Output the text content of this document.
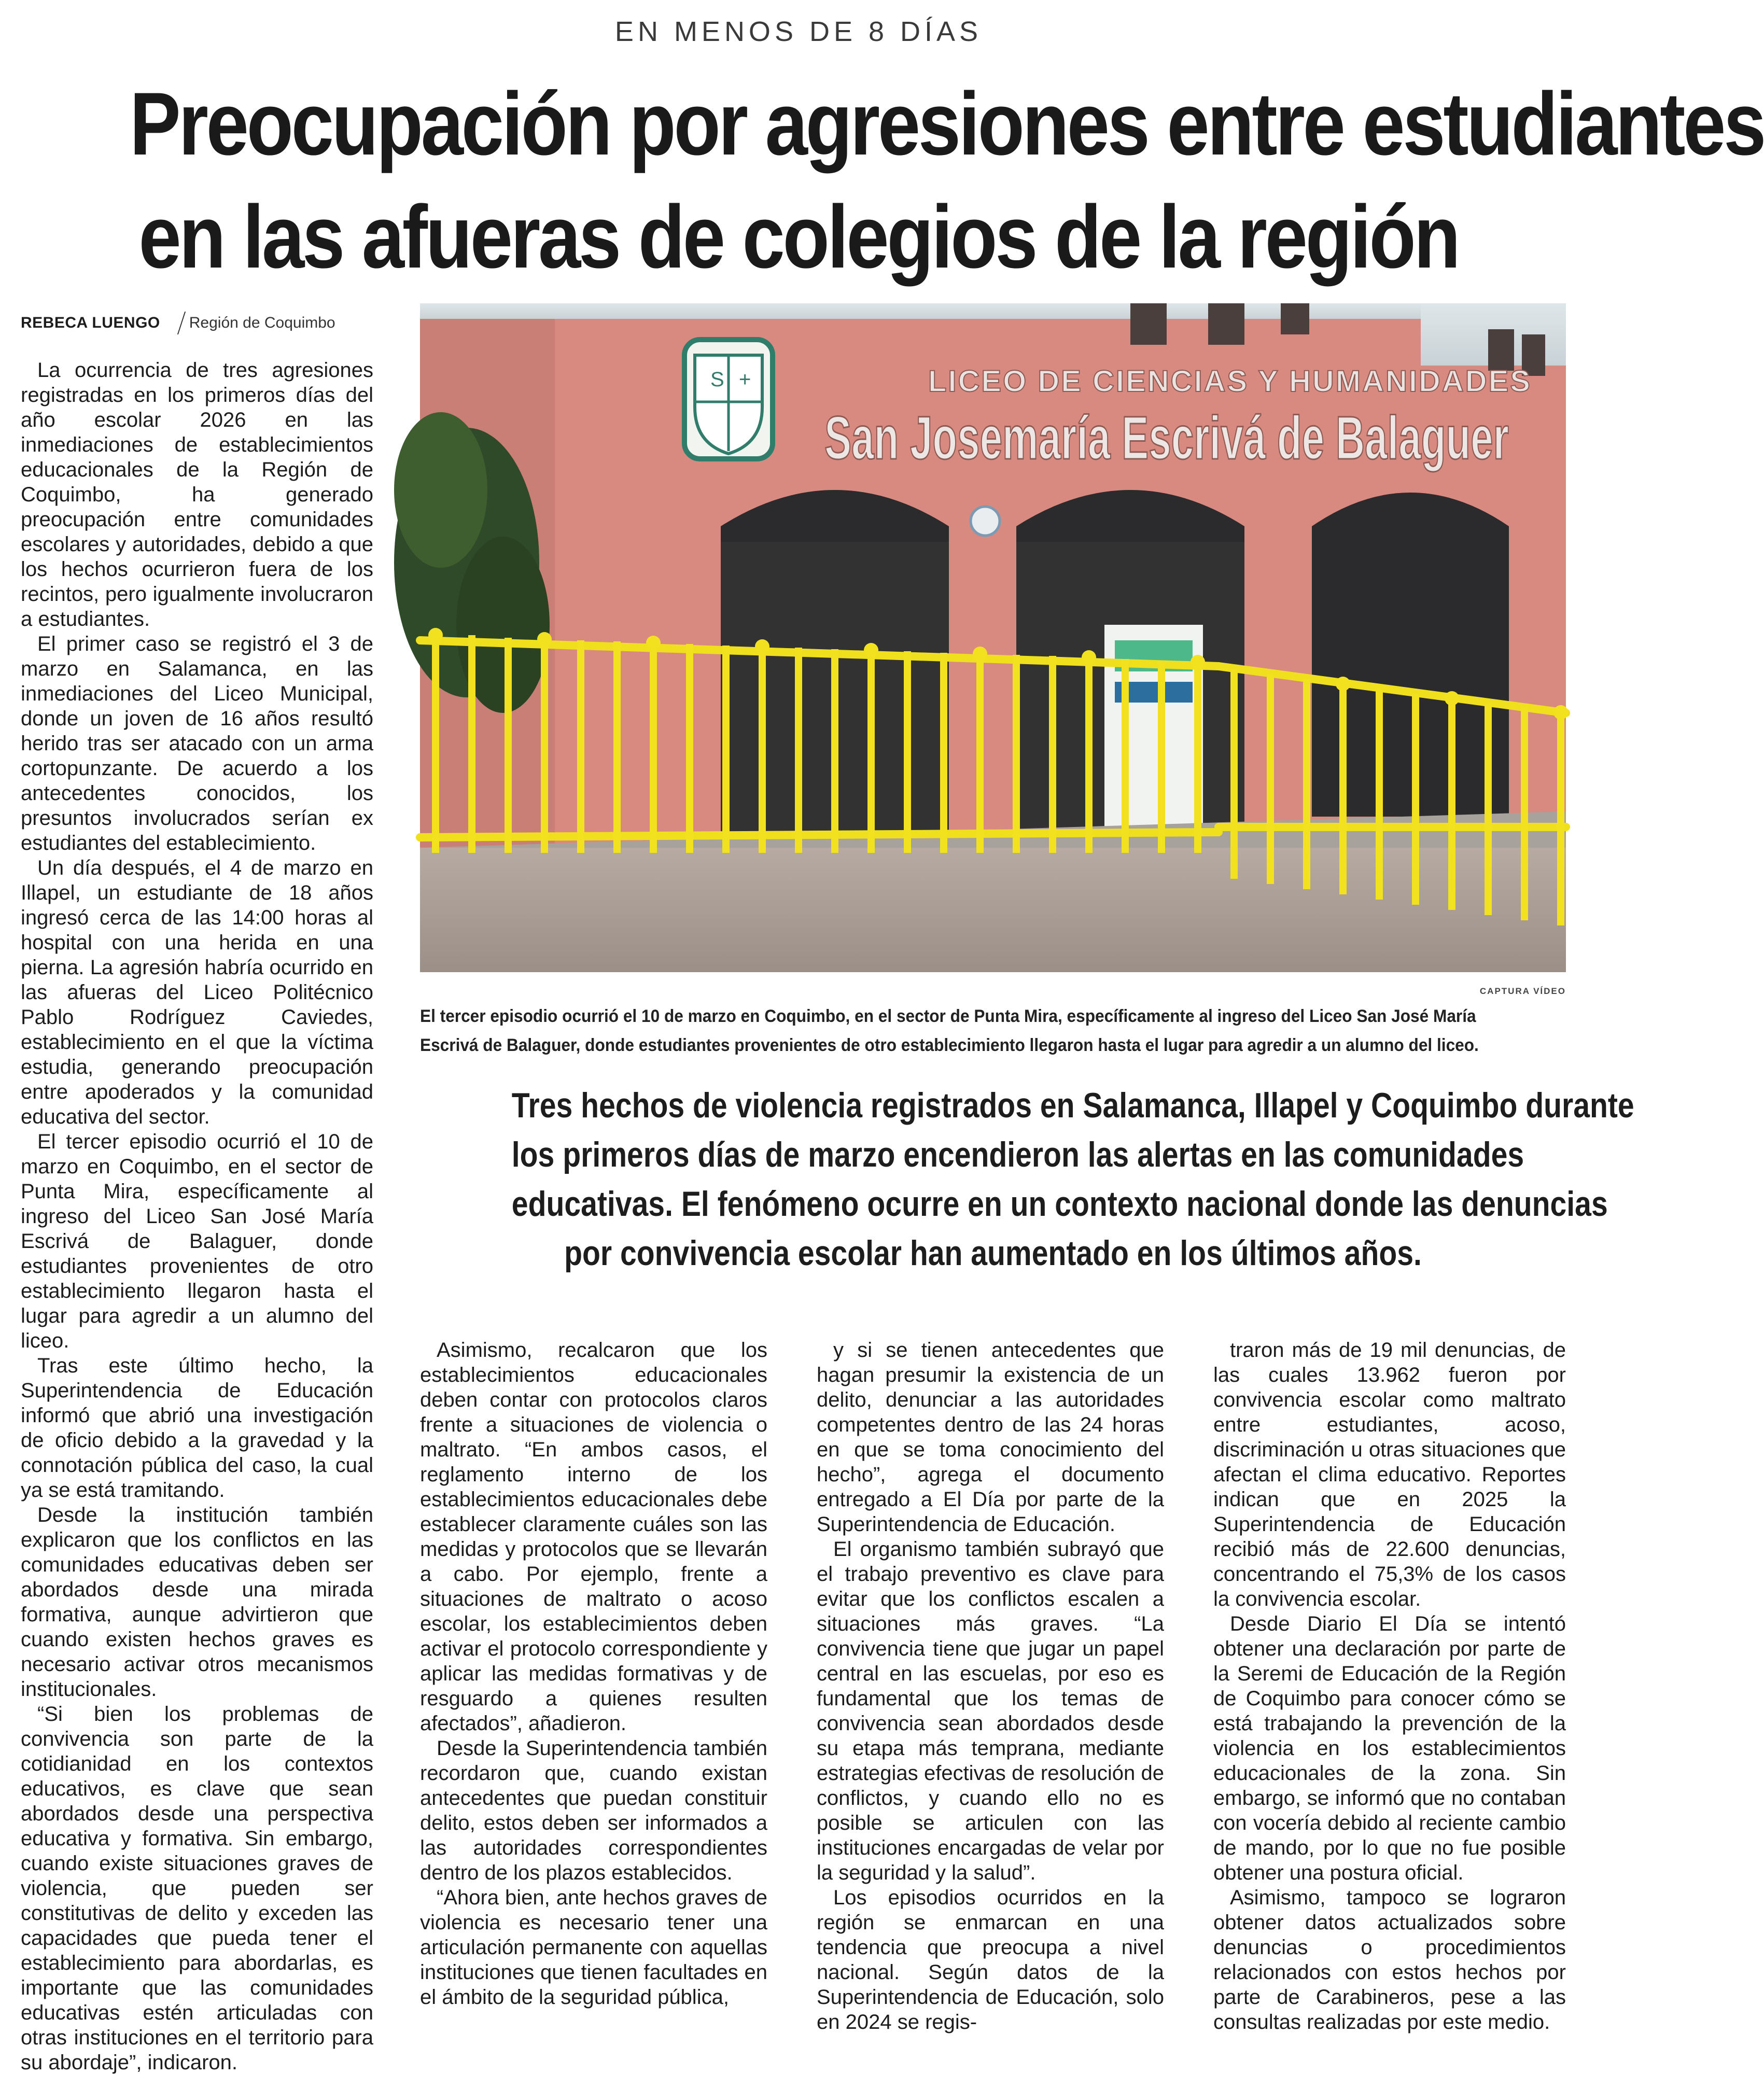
EN MENOS DE 8 DÍAS
Preocupación por agresiones entre estudiantes
en las afueras de colegios de la región
REBECA LUENGO Región de Coquimbo

La ocurrencia de tres agresiones registradas en los primeros días del año escolar 2026 en las inmediaciones de establecimientos educacionales de la Región de Coquimbo, ha generado preocupación entre comunidades escolares y autoridades, debido a que los hechos ocurrieron fuera de los recintos, pero igualmente involucraron a estudiantes.

El primer caso se registró el 3 de marzo en Salamanca, en las inmediaciones del Liceo Municipal, donde un joven de 16 años resultó herido tras ser atacado con un arma cortopunzante. De acuerdo a los antecedentes conocidos, los presuntos involucrados serían ex estudiantes del establecimiento.

Un día después, el 4 de marzo en Illapel, un estudiante de 18 años ingresó cerca de las 14:00 horas al hospital con una herida en una pierna. La agresión habría ocurrido en las afueras del Liceo Politécnico Pablo Rodríguez Caviedes, establecimiento en el que la víctima estudia, generando preocupación entre apoderados y la comunidad educativa del sector.

El tercer episodio ocurrió el 10 de marzo en Coquimbo, en el sector de Punta Mira, específicamente al ingreso del Liceo San José María Escrivá de Balaguer, donde estudiantes provenientes de otro establecimiento llegaron hasta el lugar para agredir a un alumno del liceo.

Tras este último hecho, la Superintendencia de Educación informó que abrió una investigación de oficio debido a la gravedad y la connotación pública del caso, la cual ya se está tramitando.

Desde la institución también explicaron que los conflictos en las comunidades educativas deben ser abordados desde una mirada formativa, aunque advirtieron que cuando existen hechos graves es necesario activar otros mecanismos institucionales.

“Si bien los problemas de convivencia son parte de la cotidianidad en los contextos educativos, es clave que sean abordados desde una perspectiva educativa y formativa. Sin embargo, cuando existe situaciones graves de violencia, que pueden ser constitutivas de delito y exceden las capacidades que pueda tener el establecimiento para abordarlas, es importante que las comunidades educativas estén articuladas con otras instituciones en el territorio para su abordaje”, indicaron.

S +	LICEO DE CIENCIAS Y HUMANIDADES
San Josemaría Escrivá de Balaguer
CAPTURA VÍDEO
El tercer episodio ocurrió el 10 de marzo en Coquimbo, en el sector de Punta Mira, específicamente al ingreso del Liceo San José María Escrivá de Balaguer, donde estudiantes provenientes de otro establecimiento llegaron hasta el lugar para agredir a un alumno del liceo.
Tres hechos de violencia registrados en Salamanca, Illapel y Coquimbo durante
los primeros días de marzo encendieron las alertas en las comunidades
educativas. El fenómeno ocurre en un contexto nacional donde las denuncias
por convivencia escolar han aumentado en los últimos años.

Asimismo, recalcaron que los establecimientos educacionales deben contar con protocolos claros frente a situaciones de violencia o maltrato. “En ambos casos, el reglamento interno de los establecimientos educacionales debe establecer claramente cuáles son las medidas y protocolos que se llevarán a cabo. Por ejemplo, frente a situaciones de maltrato o acoso escolar, los establecimientos deben activar el protocolo correspondiente y aplicar las medidas formativas y de resguardo a quienes resulten afectados”, añadieron.

Desde la Superintendencia también recordaron que, cuando existan antecedentes que puedan constituir delito, estos deben ser informados a las autoridades correspondientes dentro de los plazos establecidos.

“Ahora bien, ante hechos graves de violencia es necesario tener una articulación permanente con aquellas instituciones que tienen facultades en el ámbito de la seguridad pública,

y si se tienen antecedentes que hagan presumir la existencia de un delito, denunciar a las autoridades competentes dentro de las 24 horas en que se toma conocimiento del hecho”, agrega el documento entregado a El Día por parte de la Superintendencia de Educación.

El organismo también subrayó que el trabajo preventivo es clave para evitar que los conflictos escalen a situaciones más graves. “La convivencia tiene que jugar un papel central en las escuelas, por eso es fundamental que los temas de convivencia sean abordados desde su etapa más temprana, mediante estrategias efectivas de resolución de conflictos, y cuando ello no es posible se articulen con las instituciones encargadas de velar por la seguridad y la salud”.

Los episodios ocurridos en la región se enmarcan en una tendencia que preocupa a nivel nacional. Según datos de la Superintendencia de Educación, solo en 2024 se regis-

traron más de 19 mil denuncias, de las cuales 13.962 fueron por convivencia escolar como maltrato entre estudiantes, acoso, discriminación u otras situaciones que afectan el clima educativo. Reportes indican que en 2025 la Superintendencia de Educación recibió más de 22.600 denuncias, concentrando el 75,3% de los casos la convivencia escolar.

Desde Diario El Día se intentó obtener una declaración por parte de la Seremi de Educación de la Región de Coquimbo para conocer cómo se está trabajando la prevención de la violencia en los establecimientos educacionales de la zona. Sin embargo, se informó que no contaban con vocería debido al reciente cambio de mando, por lo que no fue posible obtener una postura oficial.

Asimismo, tampoco se lograron obtener datos actualizados sobre denuncias o procedimientos relacionados con estos hechos por parte de Carabineros, pese a las consultas realizadas por este medio.
